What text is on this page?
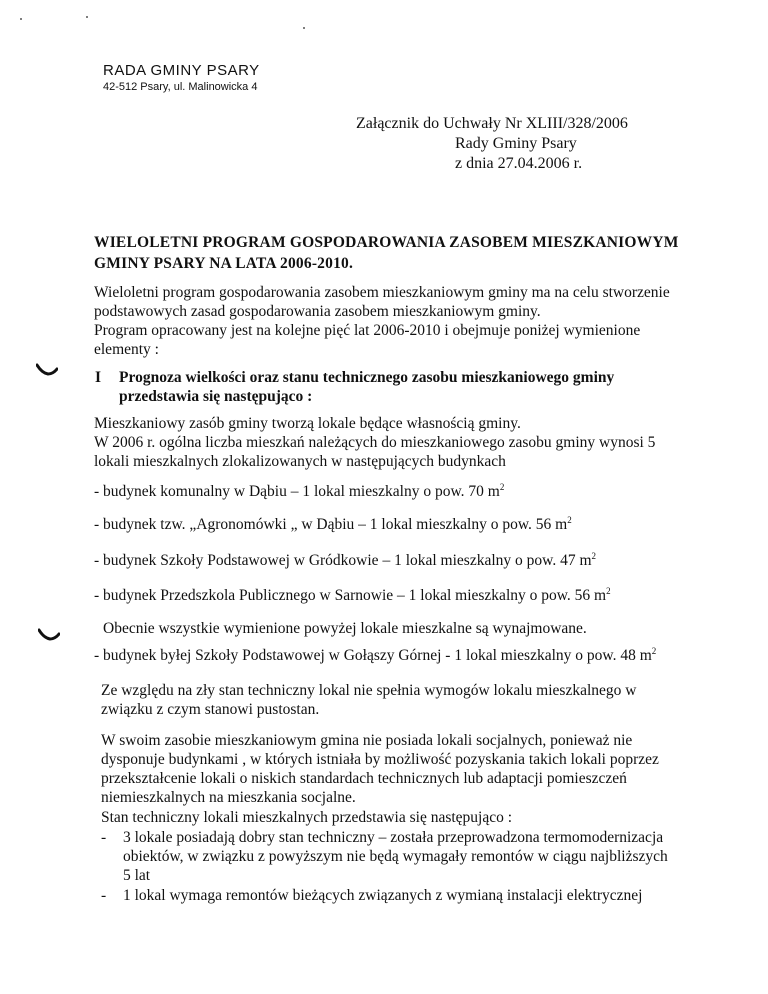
RADA GMINY PSARY
42-512 Psary, ul. Malinowicka 4
Załącznik do Uchwały Nr XLIII/328/2006
Rady Gminy Psary
z dnia 27.04.2006 r.
WIELOLETNI PROGRAM GOSPODAROWANIA ZASOBEM MIESZKANIOWYM
GMINY PSARY NA LATA 2006-2010.
Wieloletni program gospodarowania zasobem mieszkaniowym gminy ma na celu stworzenie
podstawowych zasad gospodarowania zasobem mieszkaniowym gminy.
Program opracowany jest na kolejne pięć lat 2006-2010 i obejmuje poniżej wymienione
elementy :
I Prognoza wielkości oraz stanu technicznego zasobu mieszkaniowego gminy
przedstawia się następująco :
Mieszkaniowy zasób gminy tworzą lokale będące własnością gminy.
W 2006 r. ogólna liczba mieszkań należących do mieszkaniowego zasobu gminy wynosi 5
lokali mieszkalnych zlokalizowanych w następujących budynkach
- budynek komunalny w Dąbiu – 1 lokal mieszkalny o pow. 70 $m^2$
- budynek tzw. „Agronomówki „ w Dąbiu – 1 lokal mieszkalny o pow. 56 $m^2$
- budynek Szkoły Podstawowej w Gródkowie – 1 lokal mieszkalny o pow. 47 $m^2$
- budynek Przedszkola Publicznego w Sarnowie – 1 lokal mieszkalny o pow. 56 $m^2$
Obecnie wszystkie wymienione powyżej lokale mieszkalne są wynajmowane.
- budynek byłej Szkoły Podstawowej w Gołąszy Górnej - 1 lokal mieszkalny o pow. 48 $m^2$
Ze względu na zły stan techniczny lokal nie spełnia wymogów lokalu mieszkalnego w
związku z czym stanowi pustostan.
W swoim zasobie mieszkaniowym gmina nie posiada lokali socjalnych, ponieważ nie
dysponuje budynkami , w których istniała by możliwość pozyskania takich lokali poprzez
przekształcenie lokali o niskich standardach technicznych lub adaptacji pomieszczeń
niemieszkalnych na mieszkania socjalne.
Stan techniczny lokali mieszkalnych przedstawia się następująco :
-	3 lokale posiadają dobry stan techniczny – została przeprowadzona termomodernizacja
obiektów, w związku z powyższym nie będą wymagały remontów w ciągu najbliższych
5 lat
-	1 lokal wymaga remontów bieżących związanych z wymianą instalacji elektrycznej
